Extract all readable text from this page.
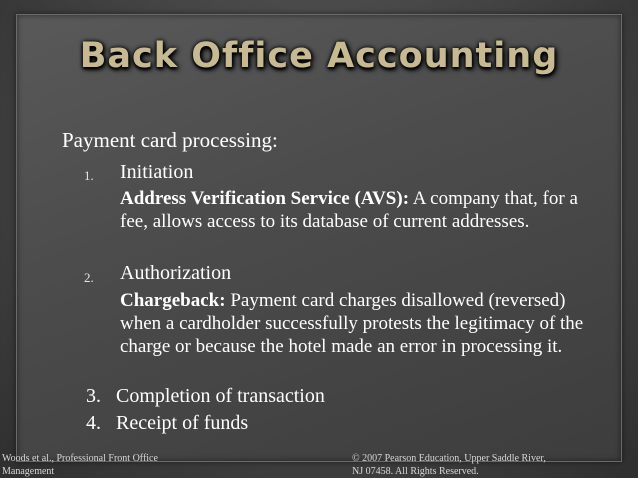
Back Office Accounting
Payment card processing:
1. Initiation
Address Verification Service (AVS): A company that, for a fee, allows access to its database of current addresses.
2. Authorization
Chargeback: Payment card charges disallowed (reversed) when a cardholder successfully protests the legitimacy of the charge or because the hotel made an error in processing it.
3. Completion of transaction
4. Receipt of funds
Woods et al., Professional Front Office
Management
© 2007 Pearson Education, Upper Saddle River,
NJ 07458. All Rights Reserved.
